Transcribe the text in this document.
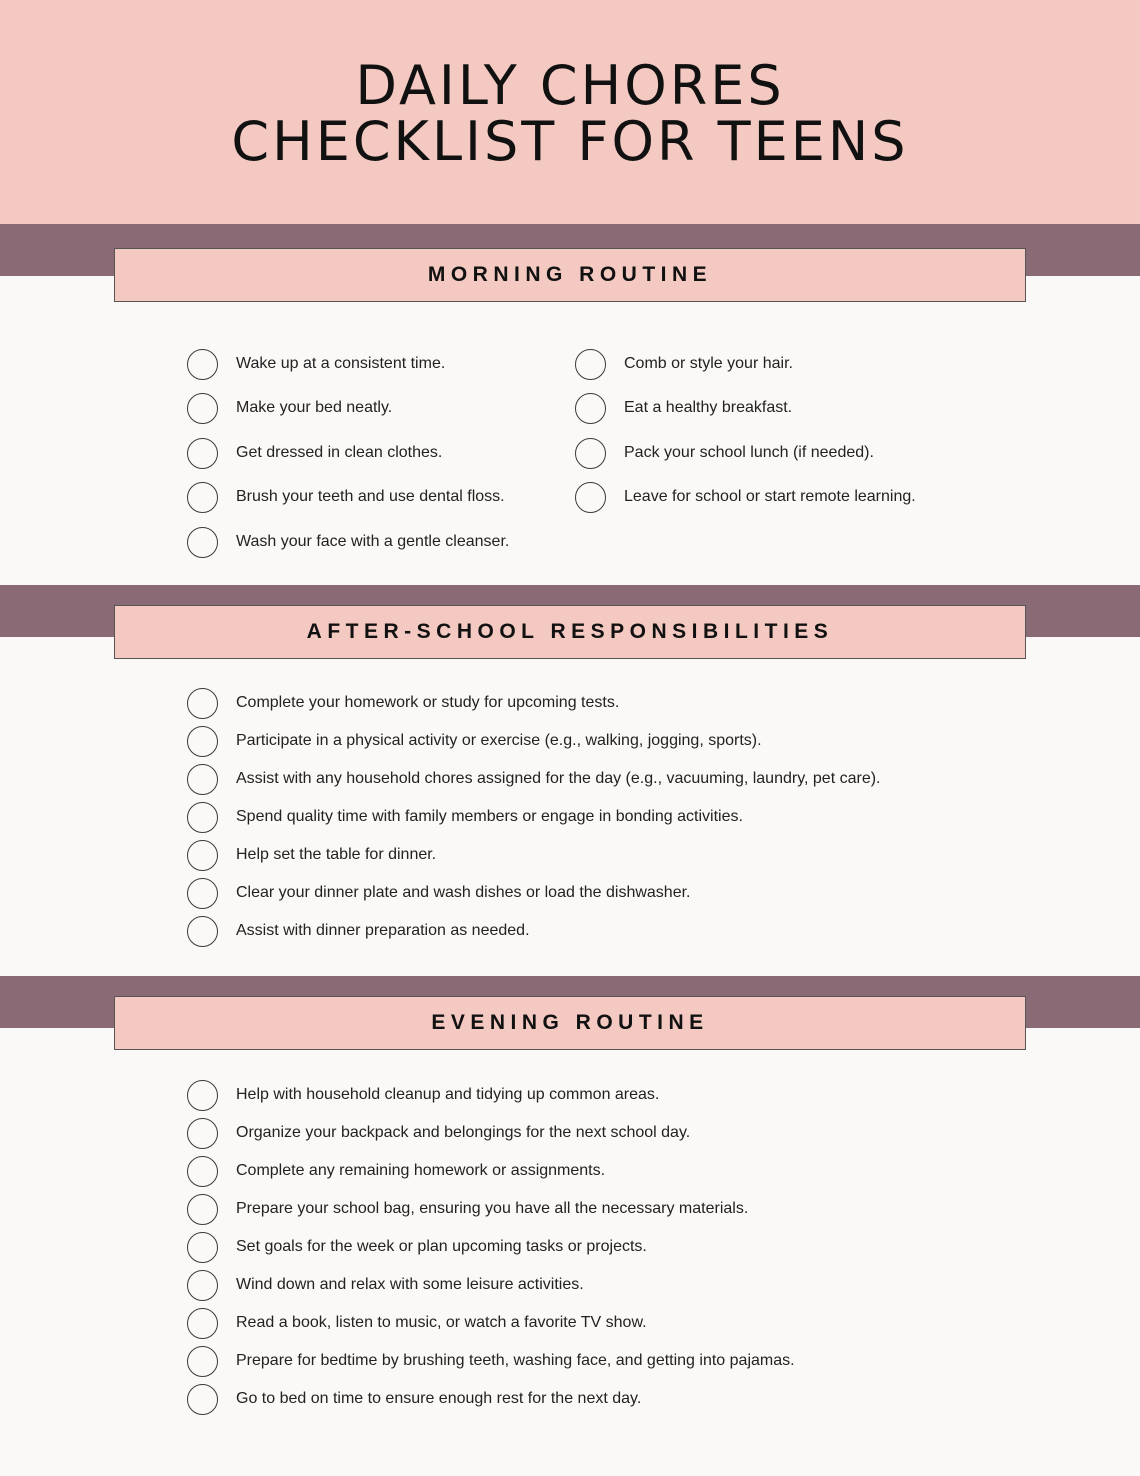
DAILY CHORES
CHECKLIST FOR TEENS
MORNING ROUTINE
Wake up at a consistent time.
Make your bed neatly.
Get dressed in clean clothes.
Brush your teeth and use dental floss.
Wash your face with a gentle cleanser.
Comb or style your hair.
Eat a healthy breakfast.
Pack your school lunch (if needed).
Leave for school or start remote learning.
AFTER-SCHOOL RESPONSIBILITIES
Complete your homework or study for upcoming tests.
Participate in a physical activity or exercise (e.g., walking, jogging, sports).
Assist with any household chores assigned for the day (e.g., vacuuming, laundry, pet care).
Spend quality time with family members or engage in bonding activities.
Help set the table for dinner.
Clear your dinner plate and wash dishes or load the dishwasher.
Assist with dinner preparation as needed.
EVENING ROUTINE
Help with household cleanup and tidying up common areas.
Organize your backpack and belongings for the next school day.
Complete any remaining homework or assignments.
Prepare your school bag, ensuring you have all the necessary materials.
Set goals for the week or plan upcoming tasks or projects.
Wind down and relax with some leisure activities.
Read a book, listen to music, or watch a favorite TV show.
Prepare for bedtime by brushing teeth, washing face, and getting into pajamas.
Go to bed on time to ensure enough rest for the next day.
